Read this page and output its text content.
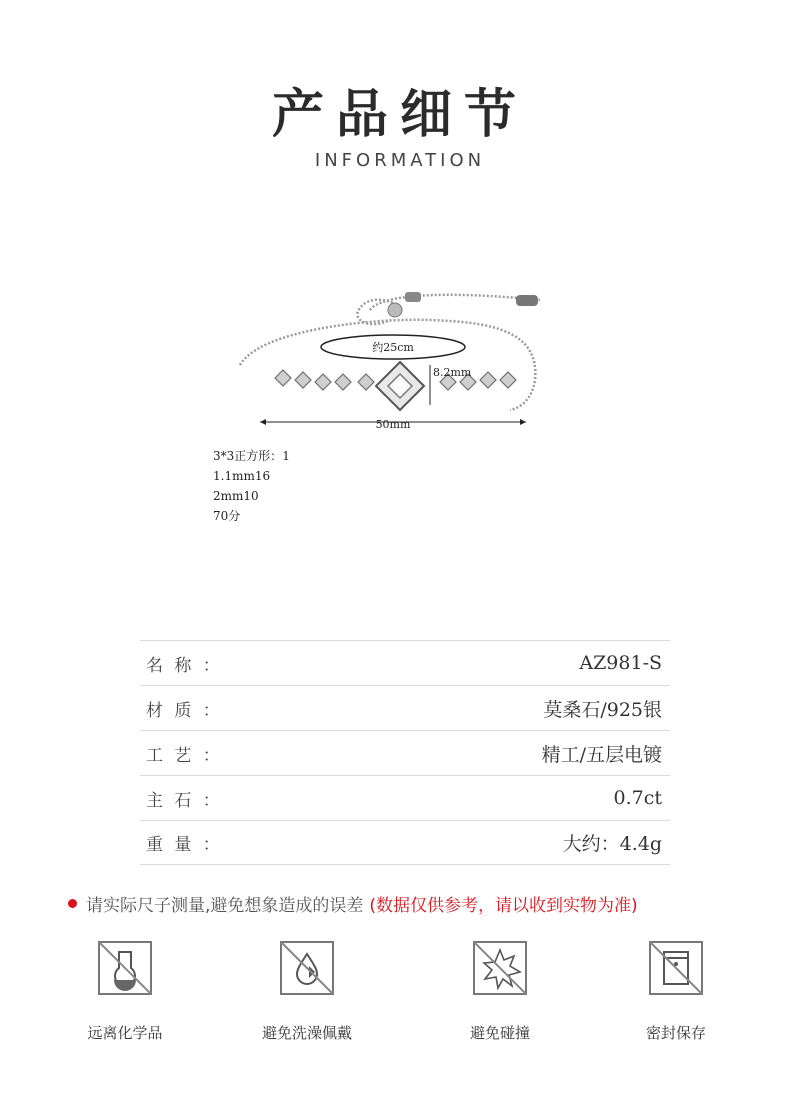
产品细节
INFORMATION
约25cm
50mm
8.2mm
3*3正方形：1
1.1mm16
2mm10
70分
名 称 ：	AZ981-S
材 质 ：	莫桑石/925银
工 艺 ：	精工/五层电镀
主 石 ：	0.7ct
重 量 ：	大约：4.4g
请实际尺子测量,避免想象造成的误差 (数据仅供参考，请以收到实物为准)
远离化学品	避免洗澡佩戴	避免碰撞	密封保存
